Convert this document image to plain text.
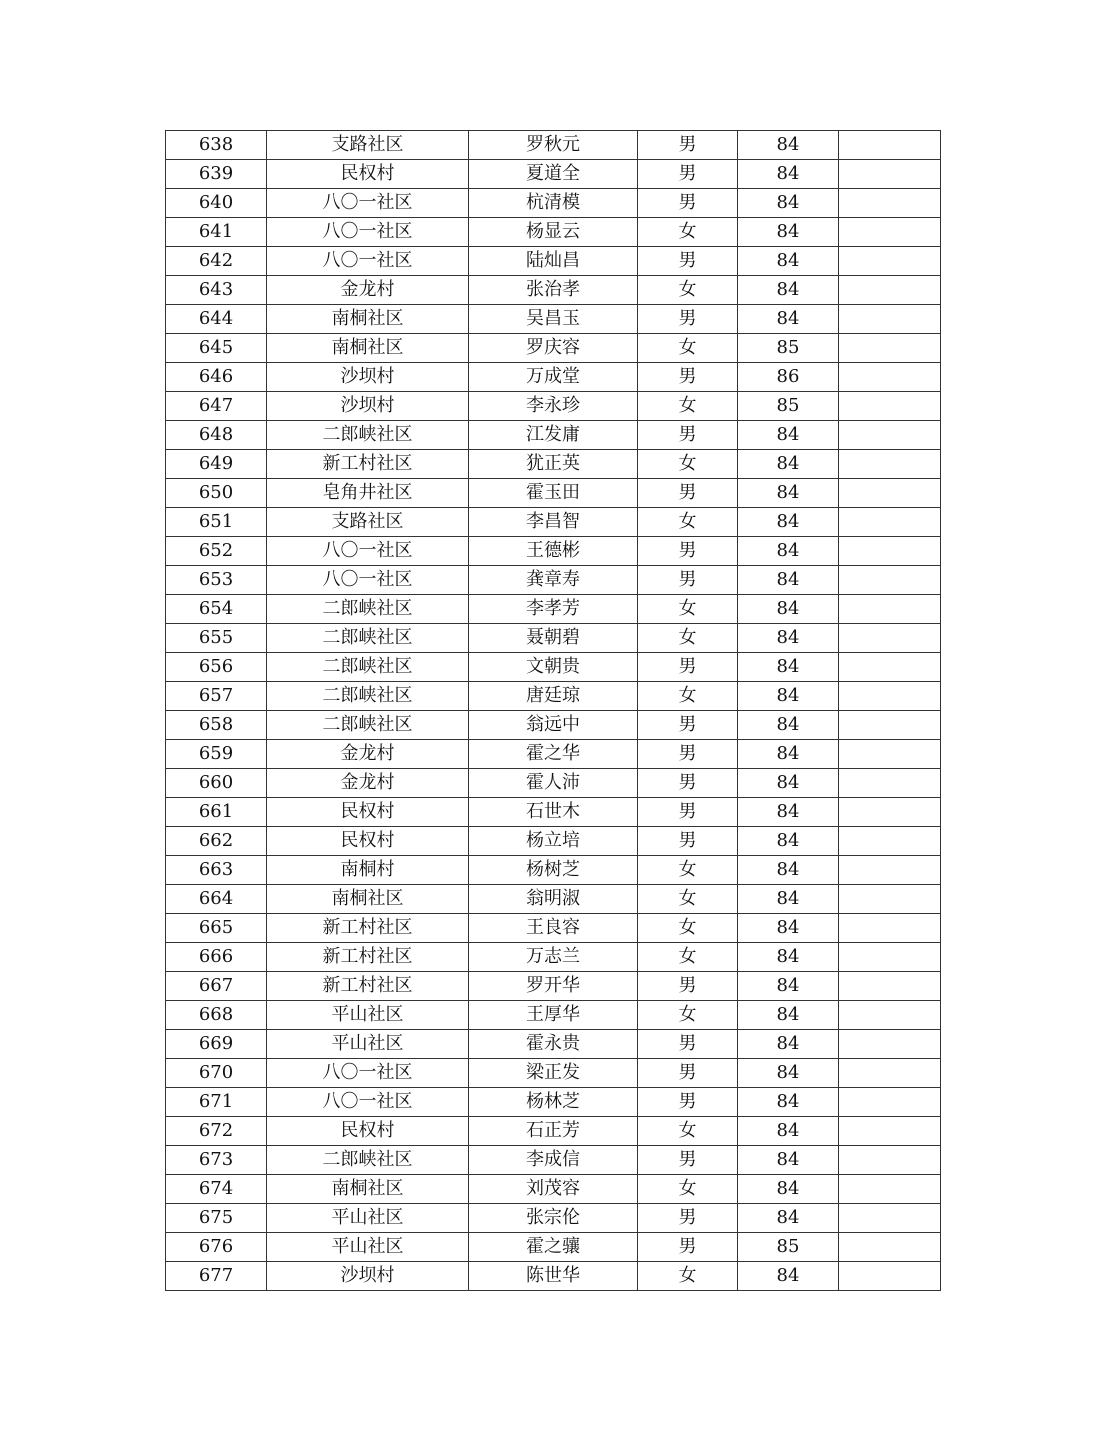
638	支路社区	罗秋元	男	84	
639	民权村	夏道全	男	84	
640	八〇一社区	杭清模	男	84	
641	八〇一社区	杨显云	女	84	
642	八〇一社区	陆灿昌	男	84	
643	金龙村	张治孝	女	84	
644	南桐社区	吴昌玉	男	84	
645	南桐社区	罗庆容	女	85	
646	沙坝村	万成堂	男	86	
647	沙坝村	李永珍	女	85	
648	二郎峡社区	江发庸	男	84	
649	新工村社区	犹正英	女	84	
650	皂角井社区	霍玉田	男	84	
651	支路社区	李昌智	女	84	
652	八〇一社区	王德彬	男	84	
653	八〇一社区	龚章寿	男	84	
654	二郎峡社区	李孝芳	女	84	
655	二郎峡社区	聂朝碧	女	84	
656	二郎峡社区	文朝贵	男	84	
657	二郎峡社区	唐廷琼	女	84	
658	二郎峡社区	翁远中	男	84	
659	金龙村	霍之华	男	84	
660	金龙村	霍人沛	男	84	
661	民权村	石世木	男	84	
662	民权村	杨立培	男	84	
663	南桐村	杨树芝	女	84	
664	南桐社区	翁明淑	女	84	
665	新工村社区	王良容	女	84	
666	新工村社区	万志兰	女	84	
667	新工村社区	罗开华	男	84	
668	平山社区	王厚华	女	84	
669	平山社区	霍永贵	男	84	
670	八〇一社区	梁正发	男	84	
671	八〇一社区	杨林芝	男	84	
672	民权村	石正芳	女	84	
673	二郎峡社区	李成信	男	84	
674	南桐社区	刘茂容	女	84	
675	平山社区	张宗伦	男	84	
676	平山社区	霍之骧	男	85	
677	沙坝村	陈世华	女	84	
